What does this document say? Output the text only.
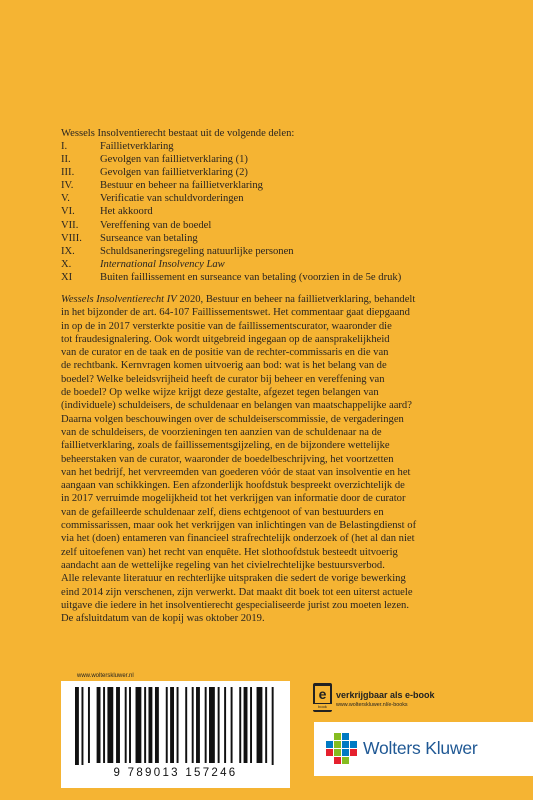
Wessels Insolventierecht bestaat uit de volgende delen:
I.	Faillietverklaring
II.	Gevolgen van faillietverklaring (1)
III.	Gevolgen van faillietverklaring (2)
IV.	Bestuur en beheer na faillietverklaring
V.	Verificatie van schuldvorderingen
VI.	Het akkoord
VII.	Vereffening van de boedel
VIII.	Surseance van betaling
IX.	Schuldsaneringsregeling natuurlijke personen
X.	International Insolvency Law
XI	Buiten faillissement en surseance van betaling (voorzien in de 5e druk)
Wessels Insolventierecht IV 2020, Bestuur en beheer na faillietverklaring, behandelt
in het bijzonder de art. 64-107 Faillissementswet. Het commentaar gaat diepgaand
in op de in 2017 versterkte positie van de faillissementscurator, waaronder die
tot fraudesignalering. Ook wordt uitgebreid ingegaan op de aansprakelijkheid
van de curator en de taak en de positie van de rechter-commissaris en die van
de rechtbank. Kernvragen komen uitvoerig aan bod: wat is het belang van de
boedel? Welke beleidsvrijheid heeft de curator bij beheer en vereffening van
de boedel? Op welke wijze krijgt deze gestalte, afgezet tegen belangen van
(individuele) schuldeisers, de schuldenaar en belangen van maatschappelijke aard?
Daarna volgen beschouwingen over de schuldeiserscommissie, de vergaderingen
van de schuldeisers, de voorzieningen ten aanzien van de schuldenaar na de
faillietverklaring, zoals de faillissementsgijzeling, en de bijzondere wettelijke
beheerstaken van de curator, waaronder de boedelbeschrijving, het voortzetten
van het bedrijf, het vervreemden van goederen vóór de staat van insolventie en het
aangaan van schikkingen. Een afzonderlijk hoofdstuk bespreekt overzichtelijk de
in 2017 verruimde mogelijkheid tot het verkrijgen van informatie door de curator
van de gefailleerde schuldenaar zelf, diens echtgenoot of van bestuurders en
commissarissen, maar ook het verkrijgen van inlichtingen van de Belastingdienst of
via het (doen) entameren van financieel strafrechtelijk onderzoek of (het al dan niet
zelf uitoefenen van) het recht van enquête. Het slothoofdstuk besteedt uitvoerig
aandacht aan de wettelijke regeling van het civielrechtelijke bestuursverbod.
Alle relevante literatuur en rechterlijke uitspraken die sedert de vorige bewerking
eind 2014 zijn verschenen, zijn verwerkt. Dat maakt dit boek tot een uiterst actuele
uitgave die iedere in het insolventierecht gespecialiseerde jurist zou moeten lezen.
De afsluitdatum van de kopij was oktober 2019.
www.wolterskluwer.nl
9 789013 157246
e
book
verkrijgbaar als e-book
www.wolterskluwer.nl/e-books
Wolters Kluwer
